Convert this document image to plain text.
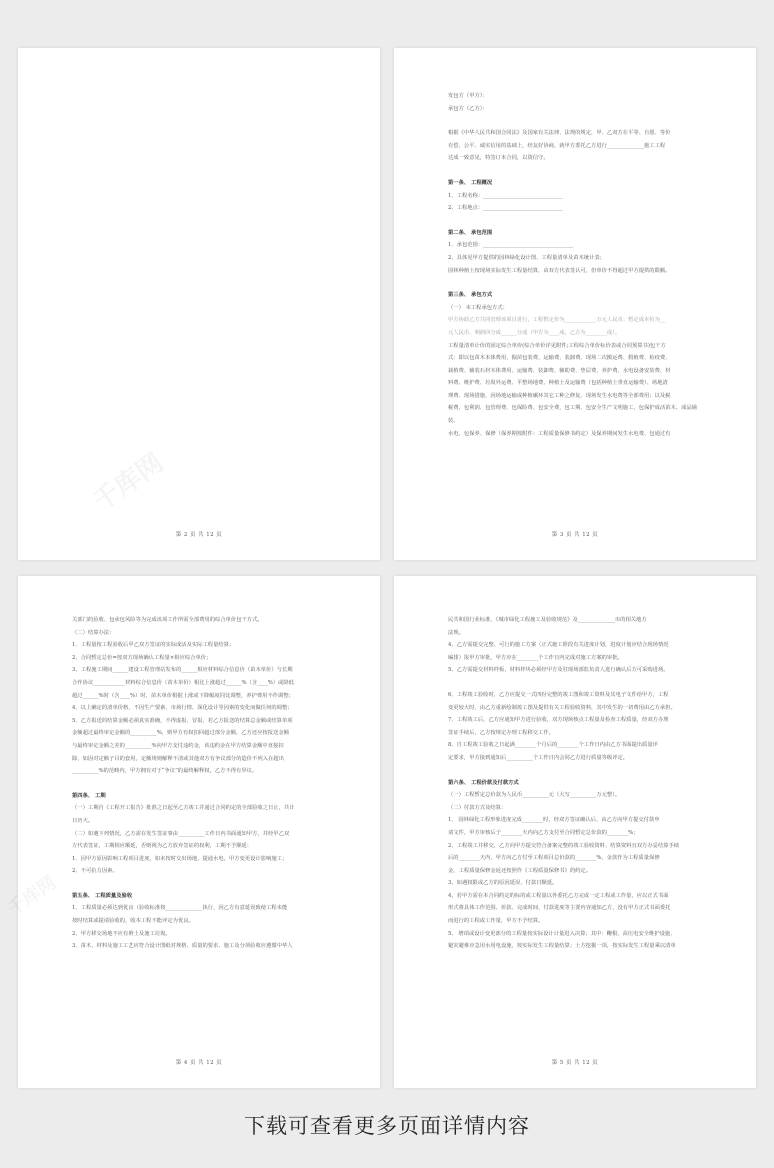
第 2 页 共 12 页

发包方（甲方）：

承包方（乙方）：

根据《中华人民共和国合同法》及国家有关法律、法规的规定，甲、乙双方在平等、自愿、等价

有偿、公平、诚实信用的基础上，经友好协商，就甲方委托乙方进行______________施工工程

达成一致意见，特签订本合同，以资信守。

第一条、 工程概况

1、工程名称：______________________________

2、工程地点：______________________________

第二条、 承包范围

1、承包范围：__________________________________

2、具体见甲方提供的园林绿化设计图、工程量清单及苗木统计表；

园林种植土按现场实际发生工程量结算，由双方代表签认可，但单价不得超过甲方提供的限额。

第三条、 承包方式

（一） 本工程承包方式：

甲方协助乙方共同管理该项目进行，工程暂定价为____________万元人民币；暂定成本价为__

元人民币，利润回分成______分成（甲方为____成，乙方为________成）。

工程量清单计价的固定综合单价(综合单价详见附件;工程综合单价标价表或合同预算书)包干方

式：即以包苗木本体费用、掘苗包装费、运输费、装卸费、现场二次搬运费、假植费、检疫费、

栽植费、辅装石材木体费用、运输费、装卸费、辅助费、垫层费、养护费、水电设备安装费、材

料费、维护费、垃圾外运费、平整场地费、种植土及运输费（包括种植土垂直运输费）、场地清

理费、现场措施、因场地运输或种植碾环其它工种之修复、现场发生水电费等全部费用；以及税

税费、包利润、包管理费、包保险费、包安全费、包工期、包安全生产文明施工、包保护成活苗木、成品铺装、

水电、包保养、保修（保养期按附件：工程质量保修书约定）及保养期间发生水电费、包通过有

第 3 页 共 12 页

关部门的验收、包承包风险等为完成该项工作所需全部费用的综合单价包干方式。

（二）结算办法：

1、工程量按工程验收后甲乙双方签证的实际成活及实际工程量结算；

2、合同暂定总价=按双方现场确认工程量×相应综合单价；

3、工程施工期间______建设工程管理站发布的______相应材料综合信息价（苗木单价）与长期

合作协议____________材料综合信息价（苗木单价）相比上涨超过______%（含____%）或降低

超过______%时（含____%）时，苗木单价根据上涨或下降幅度同比调整，养护费用不作调整；

4、以上确定的清单价格，不因生产要素、市场行情、深化设计等因素的变化而做任何的调整；

5、乙方报送的结算金额必须真实准确，不得虚报、冒报、若乙方报送的结算总金额或结算单项

金额超过最终审定金额的__________%，则甲方有权扣回超过部分金额，乙方还应按报送金额

与最终审定金额之差的__________%向甲方支付违约金，该违约金在甲方结算金额中直接扣

除，如因对定额子目的套用，定额规则解释不清或其他双方有争议部分的造价不列入在超出

__________%的范畴内，甲方拥有对于“争议”的最终解释权，乙方不得有异议。

第四条、 工期

（一）工期自《工程开工报告》批准之日起至乙方竣工并通过合同约定的全部验收之日止，共计

日历天。

（二）如遇下列情况，乙方需在发生签证事由__________工作日内书面通知甲方，并经甲乙双

方代表签证，工期相应顺延，否则视为乙方放弃签证的权利，工期不予顺延：

1、因甲方原因影响工程项目进度，如未按时交出场地，提通水电，甲方变更设计影响施工；

2、不可抗力因素。

第五条、 工程质量及验收

1、工程质量必须达到优良（验收标准按______________执行，因乙方有意延误致使工程未能

按时结算或提请验收的，收本工程不能评定为优良。

2、甲方移交场地不应有堆土及施工垃圾。

3、苗木、材料及施工工艺应符合设计图纸对规格、质量的要求、施工及分项验收应遵循中华人

第 4 页 共 12 页

民共和国行业标准，《城市绿化工程施工及验收规范》及______________市的相关地方

法规。

4、乙方需提交完整、可行的施工方案（正式施工阶段有关进度计划，进度计划应结合现场情况

编排）报甲方审批，甲方应在________个工作日内完成对施工方案的审批。

5、乙方需提交材料样板，材料样块必须经甲方及驻现场部监负责人进行确认后方可采购进场。

6、工程竣工验收时，乙方应提交一式四份完整的竣工图和竣工资料及其电子文件给甲方，工程

变更较大时，由乙方重新绘制竣工图及提供有关工程验收资料，其中发生的一切费用由乙方承担。

7、工程竣工后，乙方应通知甲方进行验收，双方现场核点工程量及检查工程质量，经双方办理

签证手续后，乙方按规定办理工程移交工作。

8、自工程竣工验收之日起满________个月后的________个工作日内由乙方书面提出质量评

定要求，甲方接到通知后__________个工作日内会同乙方进行质量等级评定。

第六条、 工程价款及付款方式

（一）工程暂定总价款为人民币__________元（大写__________万元整）。

（二）付款方式及结算：

1、 园林绿化工程形象进度完成________时，经双方签证确认后，由乙方向甲方提交付款申

请文件，甲方审核后于________天内向乙方支付至合同暂定总价款的________%；

2、工程竣工并移交，乙方向甲方提交符合备案完整的竣工验收资料、结算资料且双方办妥结算手续

后的________天内，甲方向乙方付至工程项目总价款的________%，金款作为工程质量保修

金，工程质量保修金返还按照作《工程质量保修书》的约定。

3、如遇权限或乙方的原因延误，付款日顺延。

4、若甲方需在本合同约定的标的或工程量以外委托乙方完成一定工程或工作量，应以正式书面

形式将具体工作范围、价款、完成时间、付款进度等主要内容通知乙方，没有甲方正式书面委托

而进行的工程或工作量，甲方不予结算。

5、 增项或设计变更部分的工程量按实际设计计量进入决算；其中：鞭根、高压电安全维护设施、

避灾避难应急用水用电设施，按实际发生工程量结算；土方挖掘一项，按实际发生工程量乘以清单

第 5 页 共 12 页
下载可查看更多页面详情内容
